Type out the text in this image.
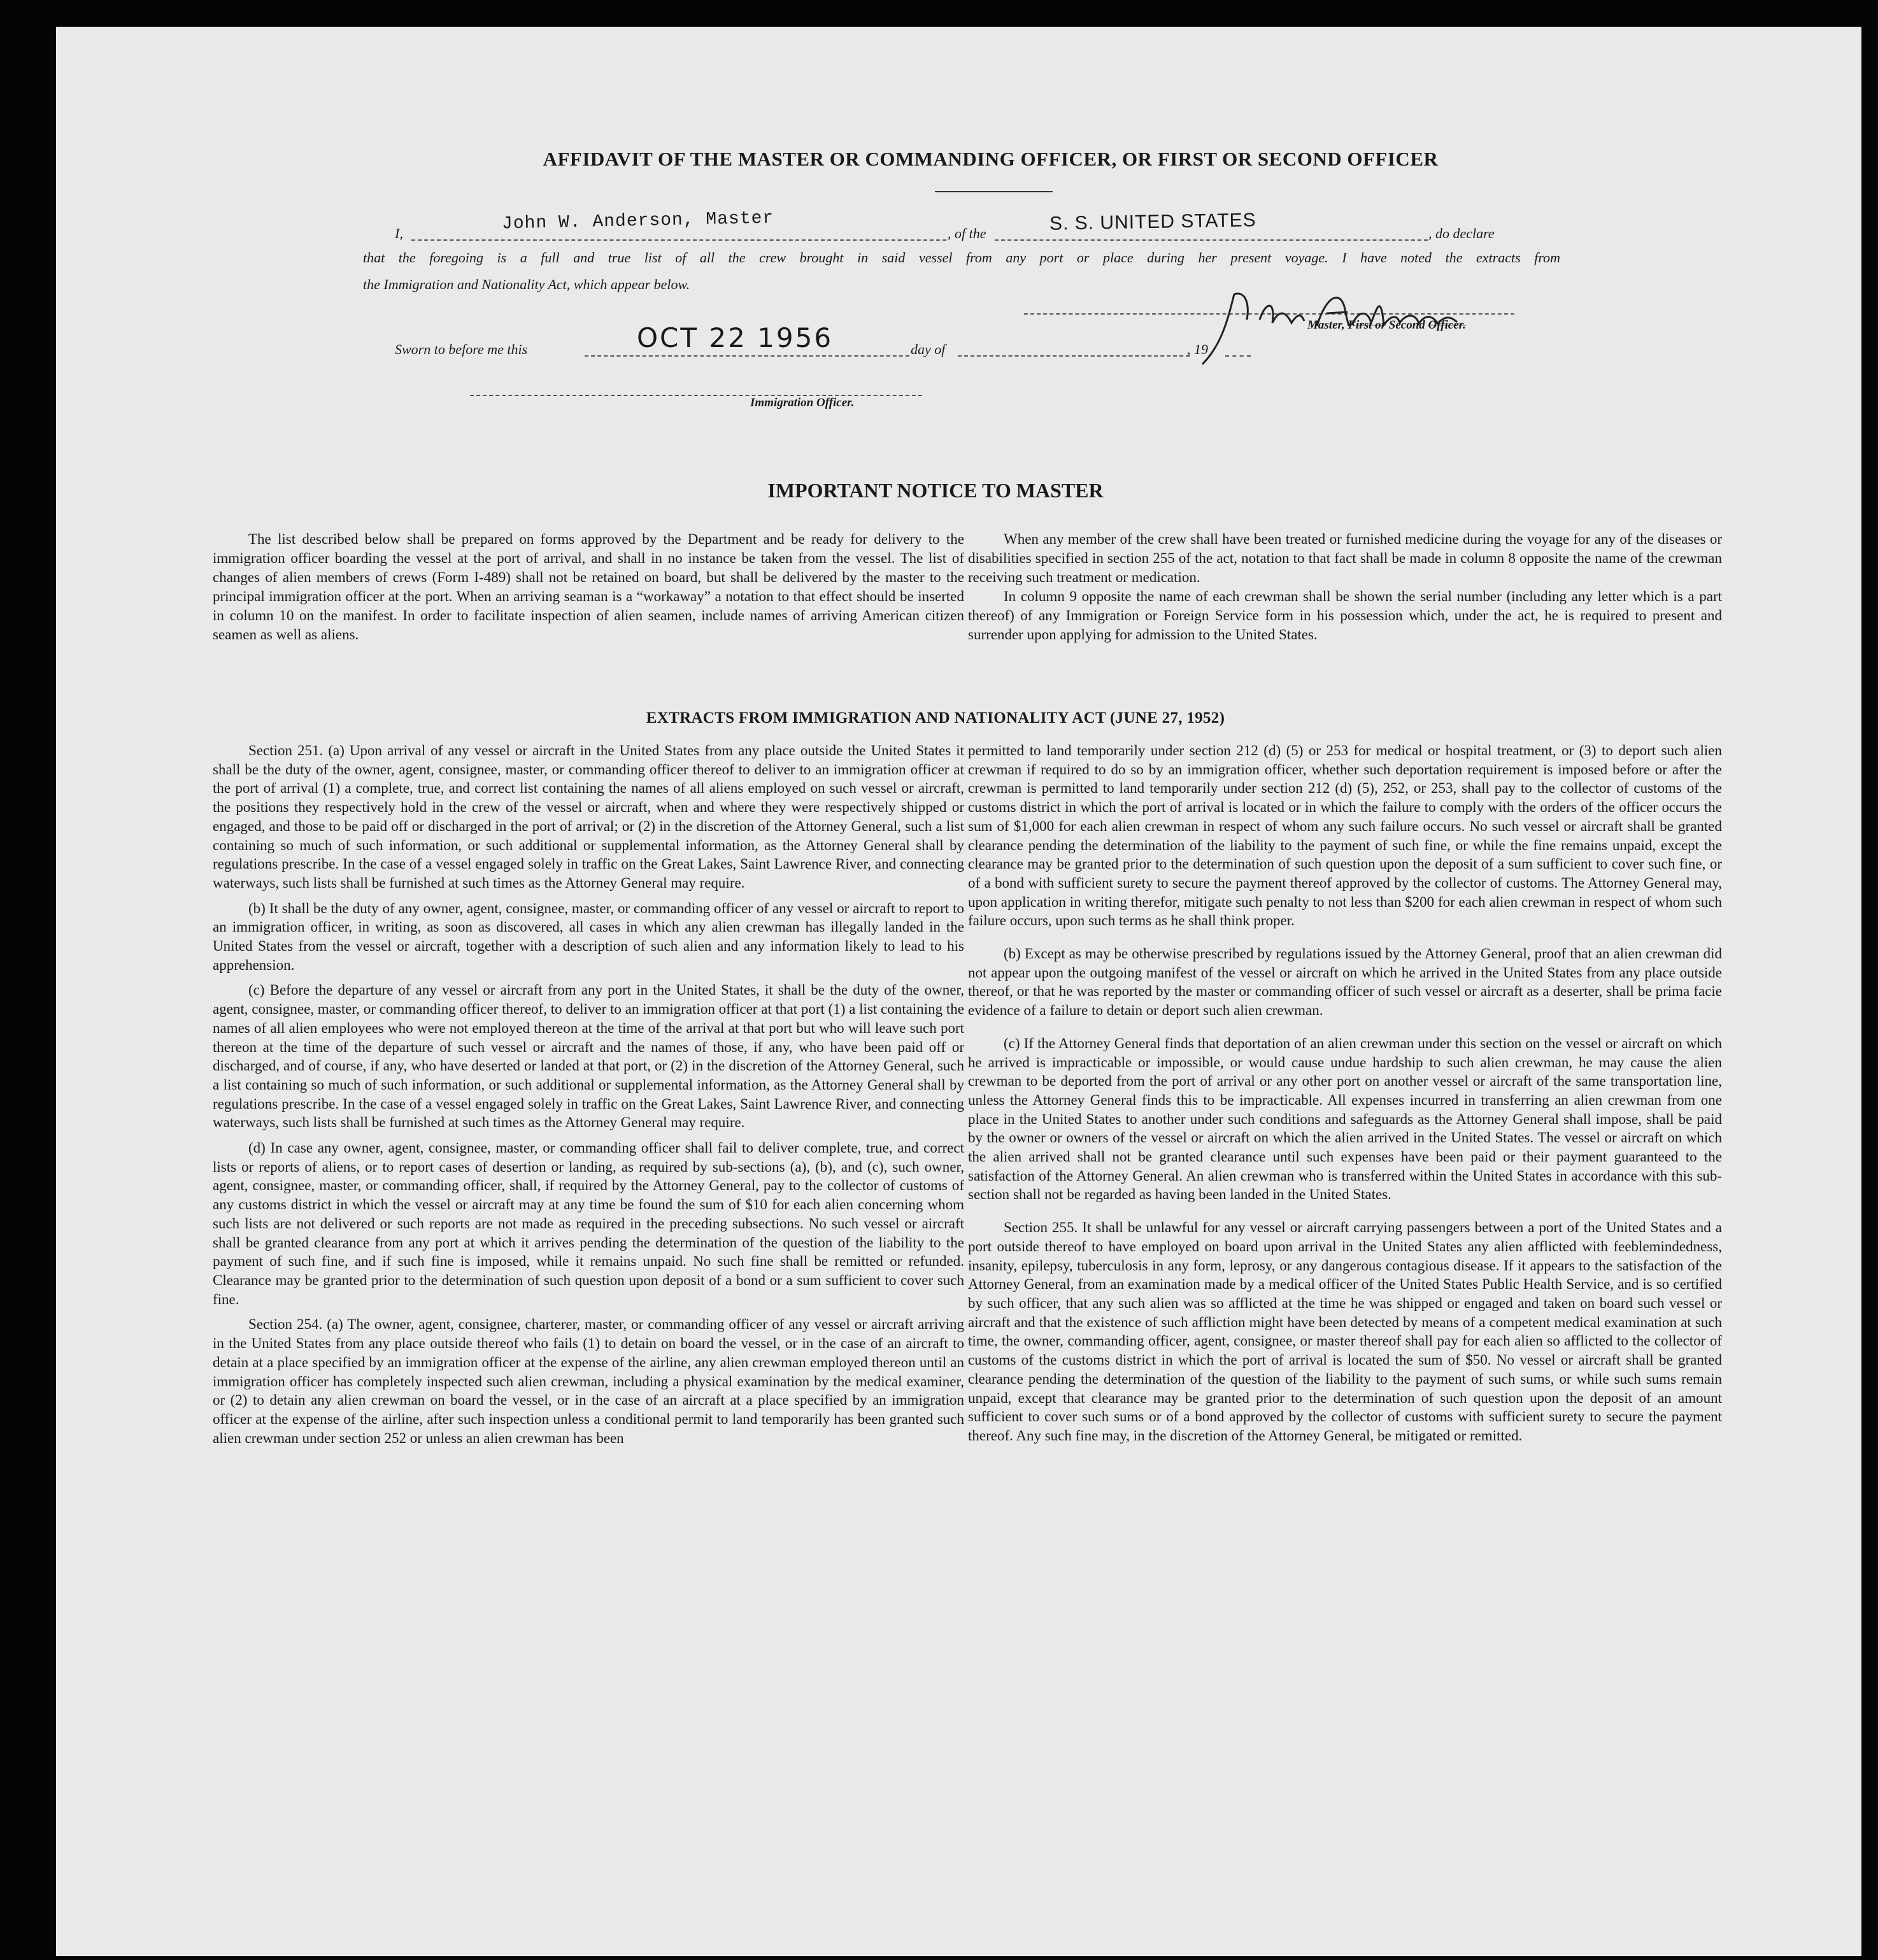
AFFIDAVIT OF THE MASTER OR COMMANDING OFFICER, OR FIRST OR SECOND OFFICER
I,	John W. Anderson, Master	, of the	S. S. UNITED STATES	, do declare
that the foregoing is a full and true list of all the crew brought in said vessel from any port or place during her present voyage. I have noted the extracts from
the Immigration and Nationality Act, which appear below.
Master, First or Second Officer.
Sworn to before me this	OCT 22 1956	day of	, 19
Immigration Officer.
IMPORTANT NOTICE TO MASTER

The list described below shall be prepared on forms approved by the Department and be ready for delivery to the immigration officer boarding the vessel at the port of arrival, and shall in no instance be taken from the vessel. The list of changes of alien members of crews (Form I-489) shall not be retained on board, but shall be delivered by the master to the principal immigration officer at the port. When an arriving seaman is a “workaway” a notation to that effect should be inserted in column 10 on the manifest. In order to facilitate inspection of alien seamen, include names of arriving American citizen seamen as well as aliens.

When any member of the crew shall have been treated or furnished medicine during the voyage for any of the diseases or disabilities specified in section 255 of the act, notation to that fact shall be made in column 8 opposite the name of the crewman receiving such treatment or medication.

In column 9 opposite the name of each crewman shall be shown the serial number (including any letter which is a part thereof) of any Immigration or Foreign Service form in his possession which, under the act, he is required to present and surrender upon applying for admission to the United States.

EXTRACTS FROM IMMIGRATION AND NATIONALITY ACT (JUNE 27, 1952)

Section 251. (a) Upon arrival of any vessel or aircraft in the United States from any place outside the United States it shall be the duty of the owner, agent, consignee, master, or commanding officer thereof to deliver to an immigration officer at the port of arrival (1) a complete, true, and correct list containing the names of all aliens employed on such vessel or aircraft, the positions they respectively hold in the crew of the vessel or aircraft, when and where they were respectively shipped or engaged, and those to be paid off or discharged in the port of arrival; or (2) in the discretion of the Attorney General, such a list containing so much of such information, or such additional or supplemental information, as the Attorney General shall by regulations prescribe. In the case of a vessel engaged solely in traffic on the Great Lakes, Saint Lawrence River, and connecting waterways, such lists shall be furnished at such times as the Attorney General may require.

(b) It shall be the duty of any owner, agent, consignee, master, or commanding officer of any vessel or aircraft to report to an immigration officer, in writing, as soon as discovered, all cases in which any alien crewman has illegally landed in the United States from the vessel or aircraft, together with a description of such alien and any information likely to lead to his apprehension.

(c) Before the departure of any vessel or aircraft from any port in the United States, it shall be the duty of the owner, agent, consignee, master, or commanding officer thereof, to deliver to an immigration officer at that port (1) a list containing the names of all alien employees who were not employed thereon at the time of the arrival at that port but who will leave such port thereon at the time of the departure of such vessel or aircraft and the names of those, if any, who have been paid off or discharged, and of course, if any, who have deserted or landed at that port, or (2) in the discretion of the Attorney General, such a list containing so much of such information, or such additional or supplemental information, as the Attorney General shall by regulations prescribe. In the case of a vessel engaged solely in traffic on the Great Lakes, Saint Lawrence River, and connecting waterways, such lists shall be furnished at such times as the Attorney General may require.

(d) In case any owner, agent, consignee, master, or commanding officer shall fail to deliver complete, true, and correct lists or reports of aliens, or to report cases of desertion or landing, as required by sub-sections (a), (b), and (c), such owner, agent, consignee, master, or commanding officer, shall, if required by the Attorney General, pay to the collector of customs of any customs district in which the vessel or aircraft may at any time be found the sum of $10 for each alien concerning whom such lists are not delivered or such reports are not made as required in the preceding subsections. No such vessel or aircraft shall be granted clearance from any port at which it arrives pending the determination of the question of the liability to the payment of such fine, and if such fine is imposed, while it remains unpaid. No such fine shall be remitted or refunded. Clearance may be granted prior to the determination of such question upon deposit of a bond or a sum sufficient to cover such fine.

Section 254. (a) The owner, agent, consignee, charterer, master, or commanding officer of any vessel or aircraft arriving in the United States from any place outside thereof who fails (1) to detain on board the vessel, or in the case of an aircraft to detain at a place specified by an immigration officer at the expense of the airline, any alien crewman employed thereon until an immigration officer has completely inspected such alien crewman, including a physical examination by the medical examiner, or (2) to detain any alien crewman on board the vessel, or in the case of an aircraft at a place specified by an immigration officer at the expense of the airline, after such inspection unless a conditional permit to land temporarily has been granted such alien crewman under section 252 or unless an alien crewman has been

permitted to land temporarily under section 212 (d) (5) or 253 for medical or hospital treatment, or (3) to deport such alien crewman if required to do so by an immigration officer, whether such deportation requirement is imposed before or after the crewman is permitted to land temporarily under section 212 (d) (5), 252, or 253, shall pay to the collector of customs of the customs district in which the port of arrival is located or in which the failure to comply with the orders of the officer occurs the sum of $1,000 for each alien crewman in respect of whom any such failure occurs. No such vessel or aircraft shall be granted clearance pending the determination of the liability to the payment of such fine, or while the fine remains unpaid, except the clearance may be granted prior to the determination of such question upon the deposit of a sum sufficient to cover such fine, or of a bond with sufficient surety to secure the payment thereof approved by the collector of customs. The Attorney General may, upon application in writing therefor, mitigate such penalty to not less than $200 for each alien crewman in respect of whom such failure occurs, upon such terms as he shall think proper.

(b) Except as may be otherwise prescribed by regulations issued by the Attorney General, proof that an alien crewman did not appear upon the outgoing manifest of the vessel or aircraft on which he arrived in the United States from any place outside thereof, or that he was reported by the master or commanding officer of such vessel or aircraft as a deserter, shall be prima facie evidence of a failure to detain or deport such alien crewman.

(c) If the Attorney General finds that deportation of an alien crewman under this section on the vessel or aircraft on which he arrived is impracticable or impossible, or would cause undue hardship to such alien crewman, he may cause the alien crewman to be deported from the port of arrival or any other port on another vessel or aircraft of the same transportation line, unless the Attorney General finds this to be impracticable. All expenses incurred in transferring an alien crewman from one place in the United States to another under such conditions and safeguards as the Attorney General shall impose, shall be paid by the owner or owners of the vessel or aircraft on which the alien arrived in the United States. The vessel or aircraft on which the alien arrived shall not be granted clearance until such expenses have been paid or their payment guaranteed to the satisfaction of the Attorney General. An alien crewman who is transferred within the United States in accordance with this sub-section shall not be regarded as having been landed in the United States.

Section 255. It shall be unlawful for any vessel or aircraft carrying passengers between a port of the United States and a port outside thereof to have employed on board upon arrival in the United States any alien afflicted with feeblemindedness, insanity, epilepsy, tuberculosis in any form, leprosy, or any dangerous contagious disease. If it appears to the satisfaction of the Attorney General, from an examination made by a medical officer of the United States Public Health Service, and is so certified by such officer, that any such alien was so afflicted at the time he was shipped or engaged and taken on board such vessel or aircraft and that the existence of such affliction might have been detected by means of a competent medical examination at such time, the owner, commanding officer, agent, consignee, or master thereof shall pay for each alien so afflicted to the collector of customs of the customs district in which the port of arrival is located the sum of $50. No vessel or aircraft shall be granted clearance pending the determination of the question of the liability to the payment of such sums, or while such sums remain unpaid, except that clearance may be granted prior to the determination of such question upon the deposit of an amount sufficient to cover such sums or of a bond approved by the collector of customs with sufficient surety to secure the payment thereof. Any such fine may, in the discretion of the Attorney General, be mitigated or remitted.
